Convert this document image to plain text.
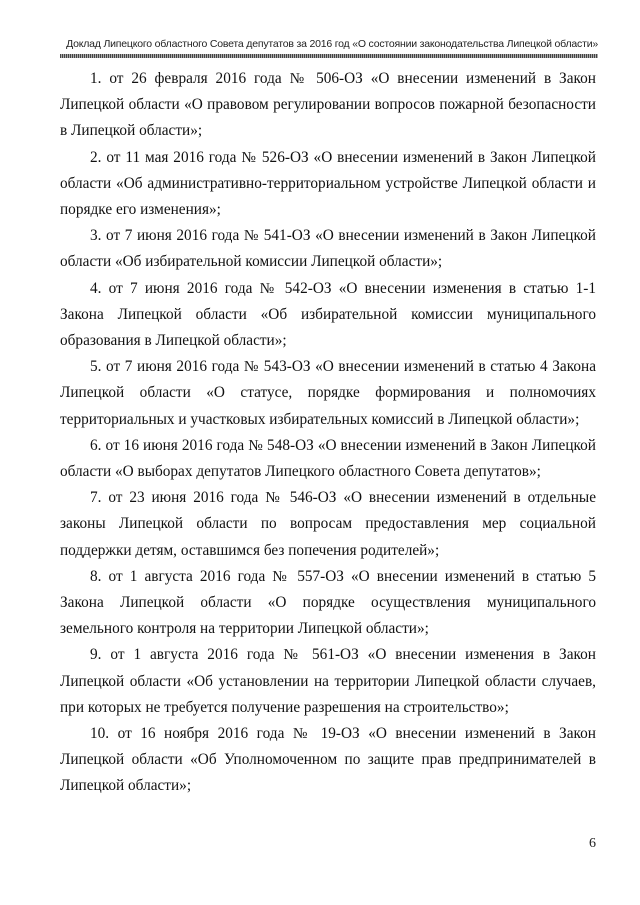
Доклад Липецкого областного Совета депутатов за 2016 год «О состоянии законодательства Липецкой области»

1. от 26 февраля 2016 года № 506-ОЗ «О внесении изменений в Закон Липецкой области «О правовом регулировании вопросов пожарной безопасности в Липецкой области»;

2. от 11 мая 2016 года № 526-ОЗ «О внесении изменений в Закон Липецкой области «Об административно-территориальном устройстве Липецкой области и порядке его изменения»;

3. от 7 июня 2016 года № 541-ОЗ «О внесении изменений в Закон Липецкой области «Об избирательной комиссии Липецкой области»;

4. от 7 июня 2016 года № 542-ОЗ «О внесении изменения в статью 1-1 Закона Липецкой области «Об избирательной комиссии муниципального образования в Липецкой области»;

5. от 7 июня 2016 года № 543-ОЗ «О внесении изменений в статью 4 Закона Липецкой области «О статусе, порядке формирования и полномочиях территориальных и участковых избирательных комиссий в Липецкой области»;

6. от 16 июня 2016 года № 548-ОЗ «О внесении изменений в Закон Липецкой области «О выборах депутатов Липецкого областного Совета депутатов»;

7. от 23 июня 2016 года № 546-ОЗ «О внесении изменений в отдельные законы Липецкой области по вопросам предоставления мер социальной поддержки детям, оставшимся без попечения родителей»;

8. от 1 августа 2016 года № 557-ОЗ «О внесении изменений в статью 5 Закона Липецкой области «О порядке осуществления муниципального земельного контроля на территории Липецкой области»;

9. от 1 августа 2016 года № 561-ОЗ «О внесении изменения в Закон Липецкой области «Об установлении на территории Липецкой области случаев, при которых не требуется получение разрешения на строительство»;

10. от 16 ноября 2016 года № 19-ОЗ «О внесении изменений в Закон Липецкой области «Об Уполномоченном по защите прав предпринимателей в Липецкой области»;

6
